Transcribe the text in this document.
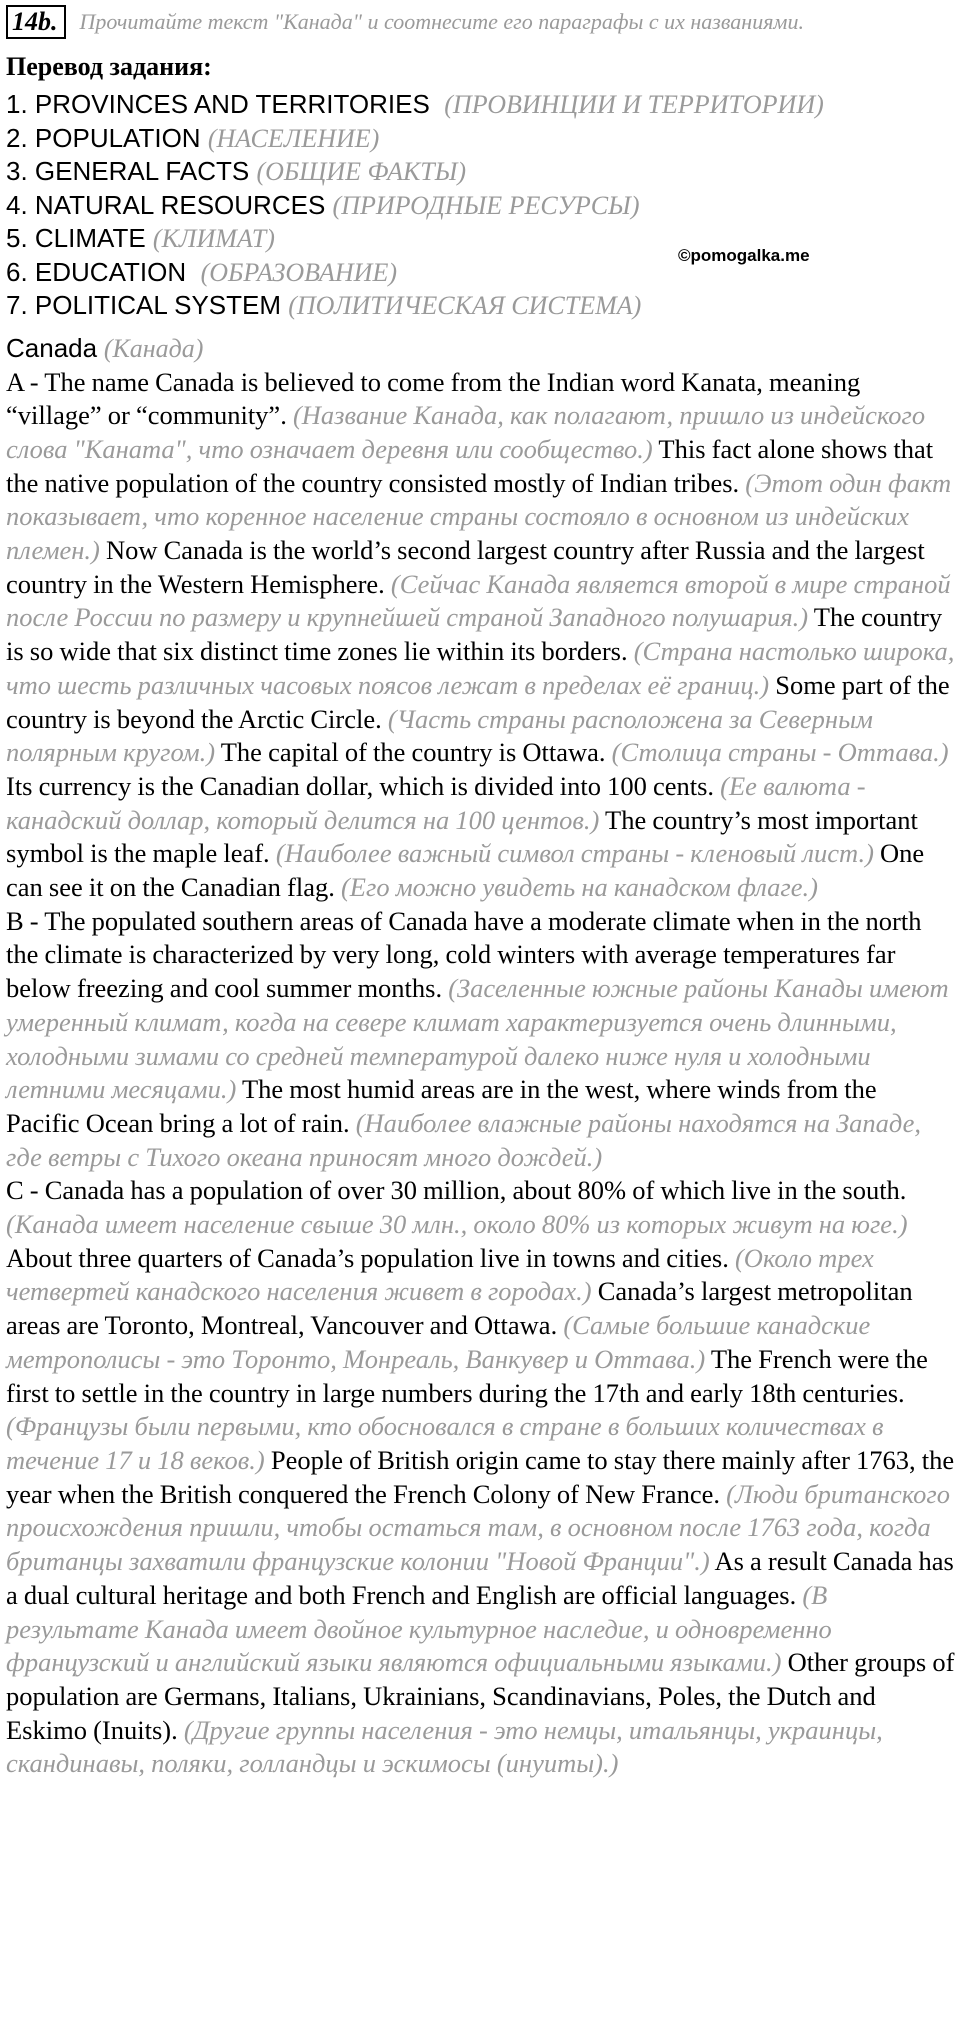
14b.	Прочитайте текст "Канада" и соотнесите его параграфы с их названиями.
Перевод задания:
1. PROVINCES AND TERRITORIES (ПРОВИНЦИИ И ТЕРРИТОРИИ)
2. POPULATION (НАСЕЛЕНИЕ)
3. GENERAL FACTS (ОБЩИЕ ФАКТЫ)
4. NATURAL RESOURCES (ПРИРОДНЫЕ РЕСУРСЫ)
5. CLIMATE (КЛИМАТ)
6. EDUCATION (ОБРАЗОВАНИЕ)
7. POLITICAL SYSTEM (ПОЛИТИЧЕСКАЯ СИСТЕМА)
©pomogalka.me
Canada (Канада)

A - The name Canada is believed to come from the Indian word Kanata, meaning “village” or “community”. (Название Канада, как полагают, пришло из индейского слова "Каната", что означает деревня или сообщество.) This fact alone shows that the native population of the country consisted mostly of Indian tribes. (Этот один факт показывает, что коренное население страны состояло в основном из индейских племен.) Now Canada is the world’s second largest country after Russia and the largest country in the Western Hemisphere. (Сейчас Канада является второй в мире страной после России по размеру и крупнейшей страной Западного полушария.) The country is so wide that six distinct time zones lie within its borders. (Страна настолько широка, что шесть различных часовых поясов лежат в пределах её границ.) Some part of the country is beyond the Arctic Circle. (Часть страны расположена за Северным полярным кругом.) The capital of the country is Ottawa. (Столица страны - Оттава.) Its currency is the Canadian dollar, which is divided into 100 cents. (Ее валюта - канадский доллар, который делится на 100 центов.) The country’s most important symbol is the maple leaf. (Наиболее важный символ страны - кленовый лист.) One can see it on the Canadian flag. (Его можно увидеть на канадском флаге.)

B - The populated southern areas of Canada have a moderate climate when in the north the climate is characterized by very long, cold winters with average temperatures far below freezing and cool summer months. (Заселенные южные районы Канады имеют умеренный климат, когда на севере климат характеризуется очень длинными, холодными зимами со средней температурой далеко ниже нуля и холодными летними месяцами.) The most humid areas are in the west, where winds from the Pacific Ocean bring a lot of rain. (Наиболее влажные районы находятся на Западе, где ветры с Тихого океана приносят много дождей.)

C - Canada has a population of over 30 million, about 80% of which live in the south. (Канада имеет население свыше 30 млн., около 80% из которых живут на юге.) About three quarters of Canada’s population live in towns and cities. (Около трех четвертей канадского населения живет в городах.) Canada’s largest metropolitan areas are Toronto, Montreal, Vancouver and Ottawa. (Самые большие канадские метрополисы - это Торонто, Монреаль, Ванкувер и Оттава.) The French were the first to settle in the country in large numbers during the 17th and early 18th centuries. (Французы были первыми, кто обосновался в стране в больших количествах в течение 17 и 18 веков.) People of British origin came to stay there mainly after 1763, the year when the British conquered the French Colony of New France. (Люди британского происхождения пришли, чтобы остаться там, в основном после 1763 года, когда британцы захватили французские колонии "Новой Франции".) As a result Canada has a dual cultural heritage and both French and English are official languages. (В результате Канада имеет двойное культурное наследие, и одновременно французский и английский языки являются официальными языками.) Other groups of population are Germans, Italians, Ukrainians, Scandinavians, Poles, the Dutch and Eskimo (Inuits). (Другие группы населения - это немцы, итальянцы, украинцы, скандинавы, поляки, голландцы и эскимосы (инуиты).)
